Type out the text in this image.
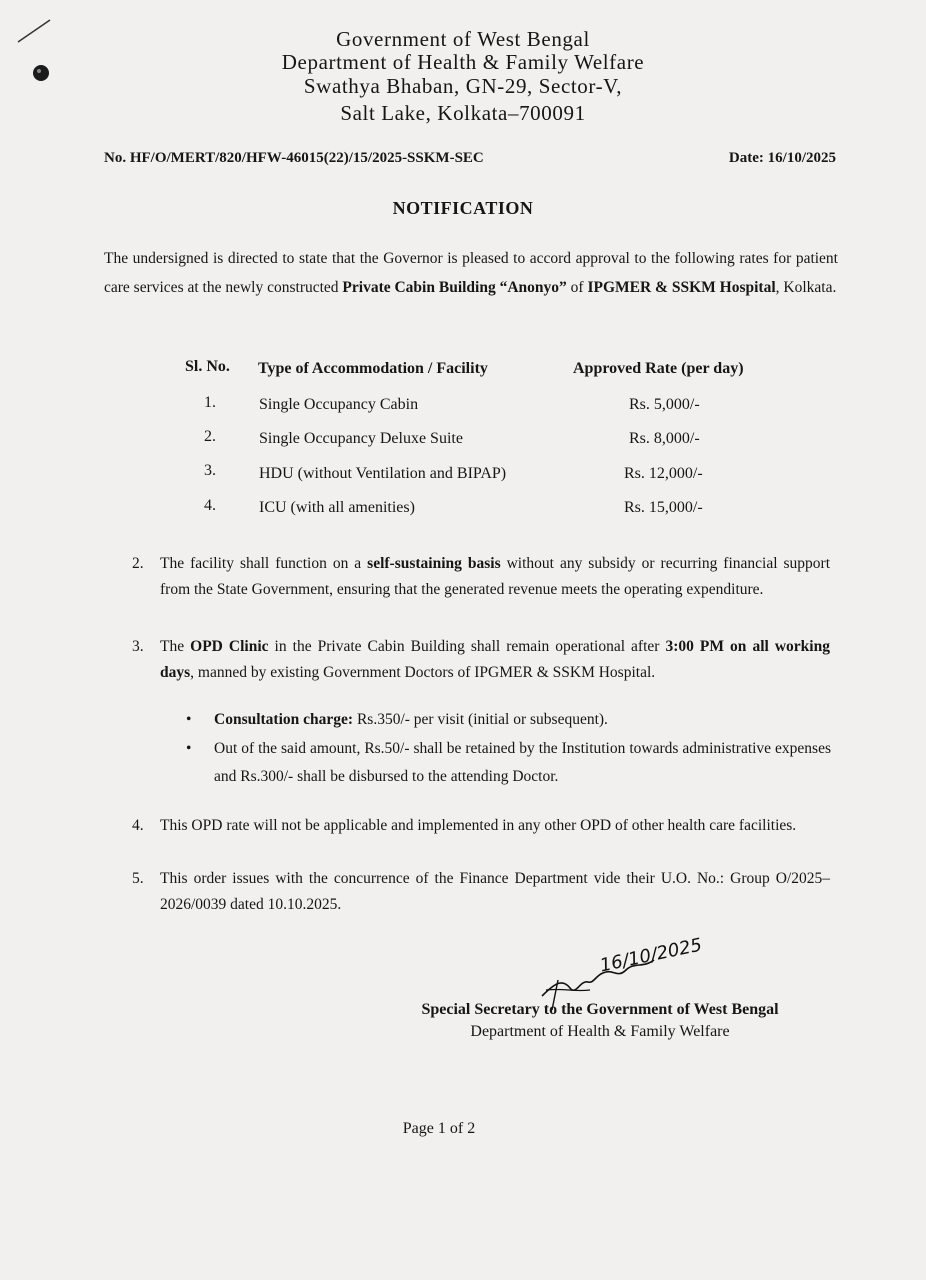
Government of West Bengal
Department of Health & Family Welfare
Swathya Bhaban, GN-29, Sector-V,
Salt Lake, Kolkata–700091
No. HF/O/MERT/820/HFW-46015(22)/15/2025-SSKM-SEC	Date: 16/10/2025
NOTIFICATION

The undersigned is directed to state that the Governor is pleased to accord approval to the following rates for patient care services at the newly constructed Private Cabin Building “Anonyo” of IPGMER & SSKM Hospital, Kolkata.

Sl. No. Type of Accommodation / Facility	Approved Rate (per day)
1.	Single Occupancy Cabin	Rs. 5,000/-
2.	Single Occupancy Deluxe Suite	Rs. 8,000/-
3.	HDU (without Ventilation and BIPAP)	Rs. 12,000/-
4.	ICU (with all amenities)	Rs. 15,000/-
2. The facility shall function on a self-sustaining basis without any subsidy or recurring financial support from the State Government, ensuring that the generated revenue meets the operating expenditure.
3. The OPD Clinic in the Private Cabin Building shall remain operational after 3:00 PM on all working days, manned by existing Government Doctors of IPGMER & SSKM Hospital.
• Consultation charge: Rs.350/- per visit (initial or subsequent).
• Out of the said amount, Rs.50/- shall be retained by the Institution towards administrative expenses and Rs.300/- shall be disbursed to the attending Doctor.
4. This OPD rate will not be applicable and implemented in any other OPD of other health care facilities.
5. This order issues with the concurrence of the Finance Department vide their U.O. No.: Group O/2025–2026/0039 dated 10.10.2025.
16/10/2025
Special Secretary to the Government of West Bengal
Department of Health & Family Welfare
Page 1 of 2
